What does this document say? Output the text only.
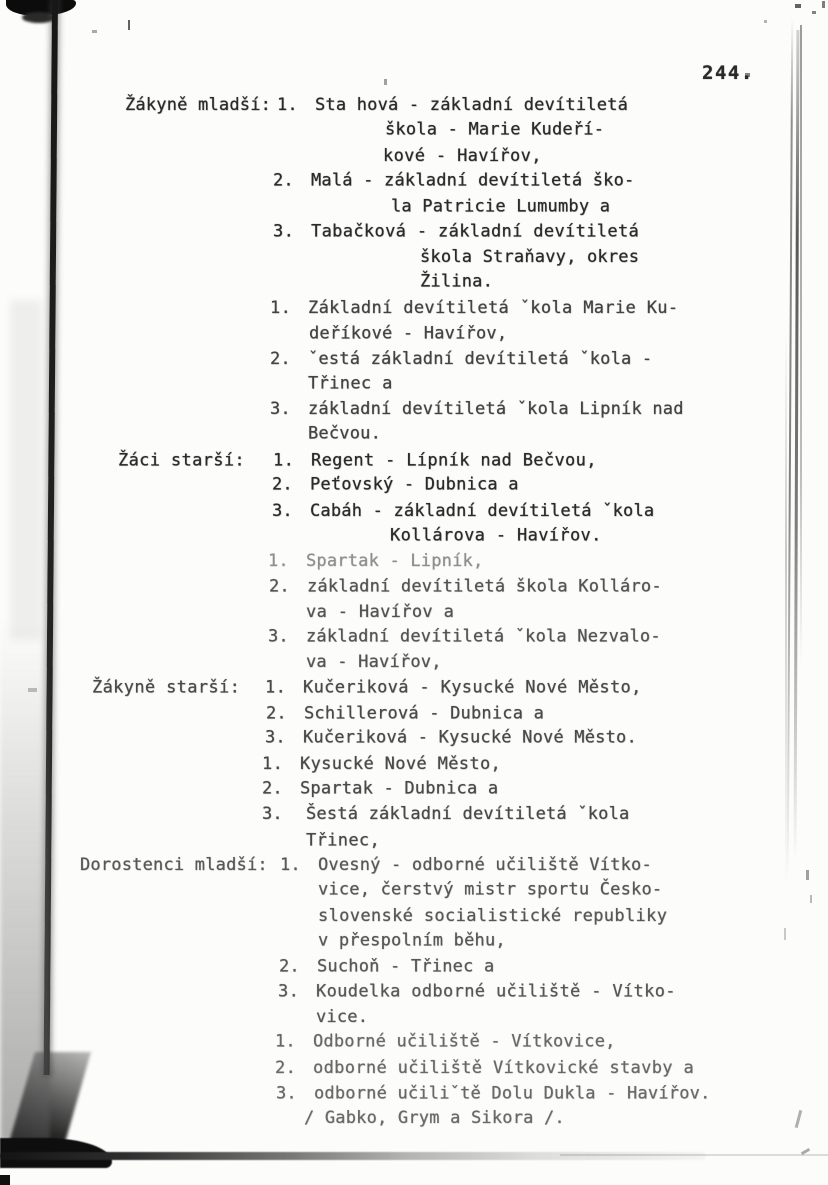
244.

Žákyně mladší:

1.

Sta hová - základní devítiletá

škola - Marie Kudeří-

kové - Havířov,

2.

Malá - základní devítiletá ško-

la Patricie Lumumby a

3.

Tabačková - základní devítiletá

škola Straňavy, okres

Žilina.

1.

Základní devítiletá ˇkola Marie Ku-

deříkové - Havířov,

2.

ˇestá základní devítiletá ˇkola -

Třinec a

3.

základní devítiletá ˇkola Lipník nad

Bečvou.

Žáci starší:

1.

Regent - Lípník nad Bečvou,

2.

Peťovský - Dubnica a

3.

Cabáh - základní devítiletá ˇkola

Kollárova - Havířov.

1.

Spartak - Lipník,

2.

základní devítiletá škola Kolláro-

va - Havířov a

3.

základní devítiletá ˇkola Nezvalo-

va - Havířov,

Žákyně starší:

1.

Kučeriková - Kysucké Nové Město,

2.

Schillerová - Dubnica a

3.

Kučeriková - Kysucké Nové Město.

1.

Kysucké Nové Město,

2.

Spartak - Dubnica a

3.

Šestá základní devítiletá ˇkola

Třinec,

Dorostenci mladší:

1.

Ovesný - odborné učiliště Vítko-

vice, čerstvý mistr sportu Česko-

slovenské socialistické republiky

v přespolním běhu,

2.

Suchoň - Třinec a

3.

Koudelka odborné učiliště - Vítko-

vice.

1.

Odborné učiliště - Vítkovice,

2.

odborné učiliště Vítkovické stavby a

3.

odborné učiliˇtě Dolu Dukla - Havířov.

/ Gabko, Grym a Sikora /.
